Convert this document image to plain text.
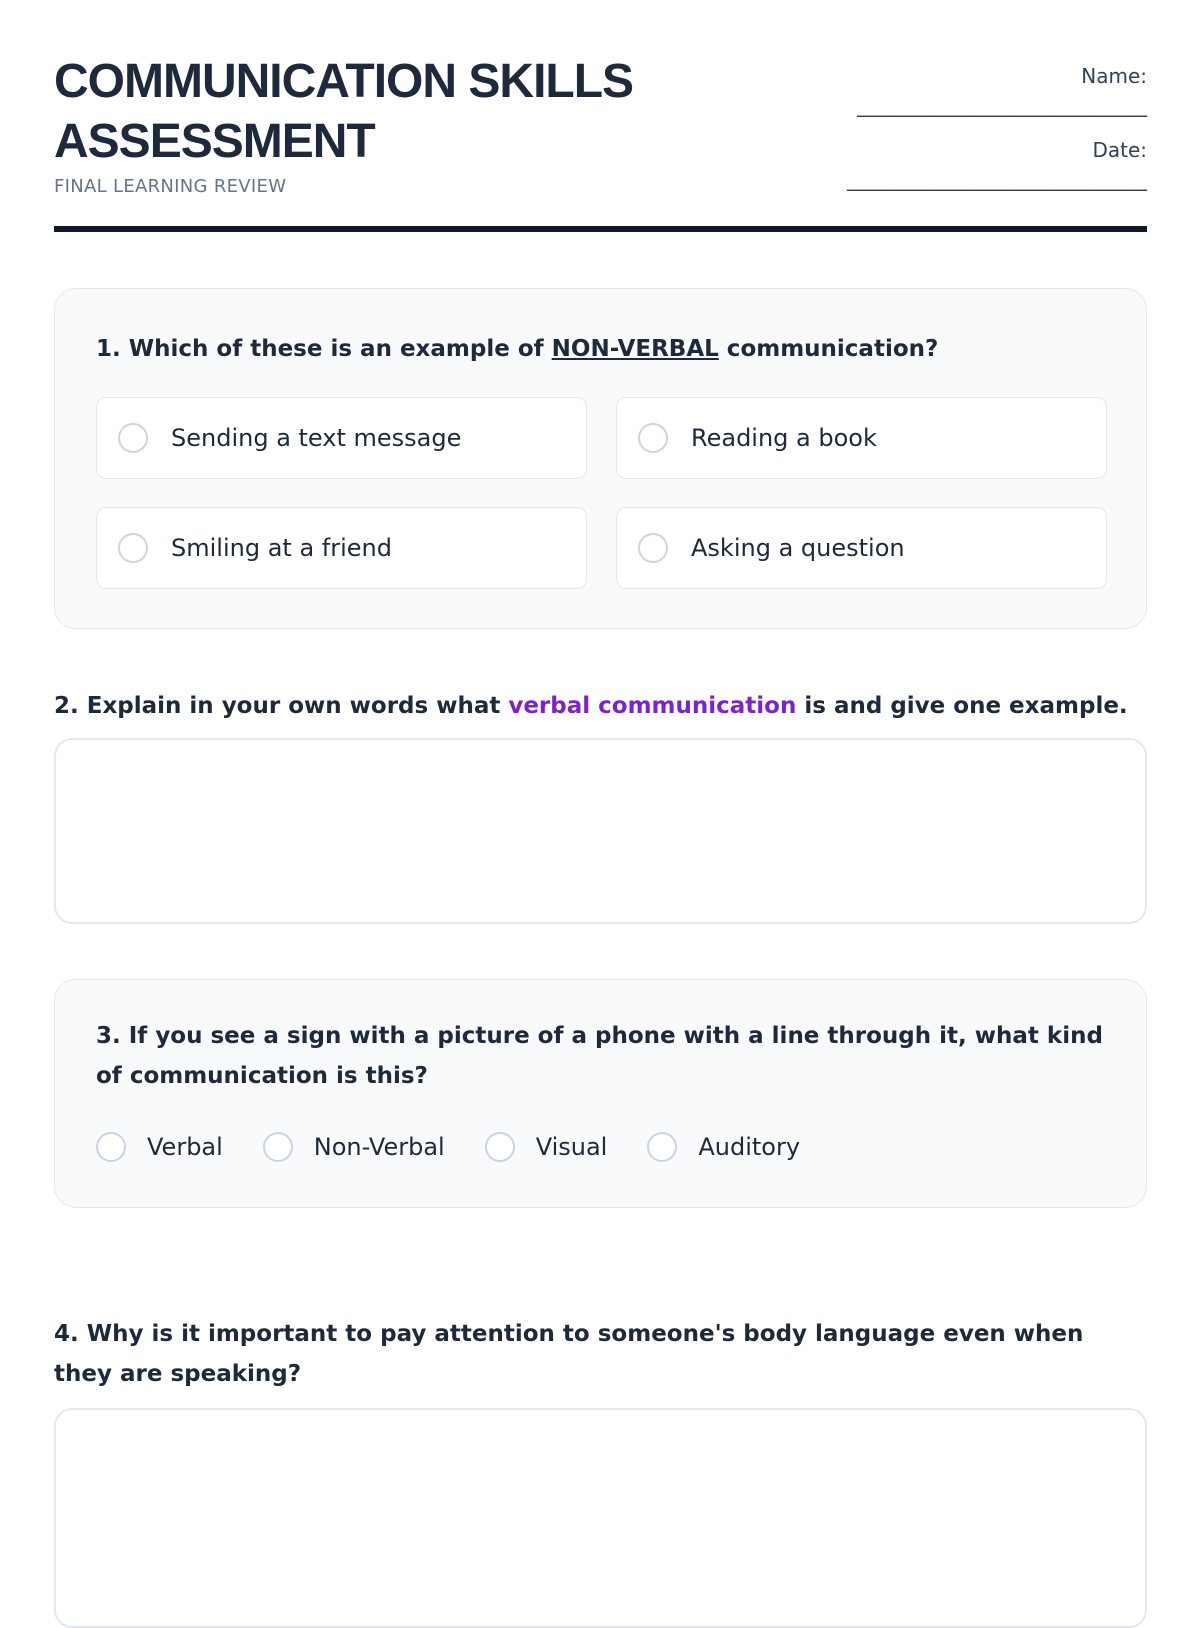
COMMUNICATION SKILLS ASSESSMENT
FINAL LEARNING REVIEW
Name:
_____________________________
Date:
______________________________
1. Which of these is an example of NON-VERBAL communication?
Sending a text message	Reading a book
Smiling at a friend	Asking a question
2. Explain in your own words what verbal communication is and give one example.
3. If you see a sign with a picture of a phone with a line through it, what kind of communication is this?
Verbal	Non-Verbal	Visual	Auditory
4. Why is it important to pay attention to someone's body language even when they are speaking?
